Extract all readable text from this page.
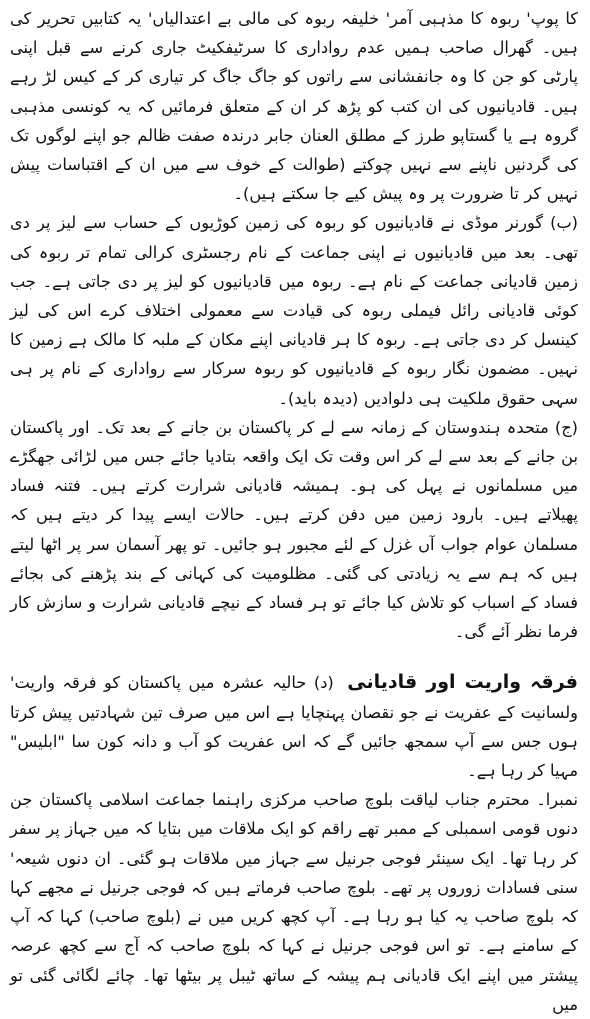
کا پوپ' ربوہ کا مذہبی آمر' خلیفہ ربوہ کی مالی بے اعتدالیاں' یہ کتابیں تحریر کی ہیں۔ گھرال صاحب ہمیں عدم رواداری کا سرٹیفکیٹ جاری کرنے سے قبل اپنی پارٹی کو جن کا وہ جانفشانی سے راتوں کو جاگ جاگ کر تیاری کر کے کیس لڑ رہے ہیں۔ قادیانیوں کی ان کتب کو پڑھ کر ان کے متعلق فرمائیں کہ یہ کونسی مذہبی گروہ ہے یا گستاپو طرز کے مطلق العنان جابر درندہ صفت ظالم جو اپنے لوگوں تک کی گردنیں ناپنے سے نہیں چوکتے (طوالت کے خوف سے میں ان کے اقتباسات پیش نہیں کر تا ضرورت پر وہ پیش کیے جا سکتے ہیں)۔

(ب) گورنر موڈی نے قادیانیوں کو ربوہ کی زمین کوڑیوں کے حساب سے لیز پر دی تھی۔ بعد میں قادیانیوں نے اپنی جماعت کے نام رجسٹری کرالی تمام تر ربوہ کی زمین قادیانی جماعت کے نام ہے۔ ربوہ میں قادیانیوں کو لیز پر دی جاتی ہے۔ جب کوئی قادیانی رائل فیملی ربوہ کی قیادت سے معمولی اختلاف کرے اس کی لیز کینسل کر دی جاتی ہے۔ ربوہ کا ہر قادیانی اپنے مکان کے ملبہ کا مالک ہے زمین کا نہیں۔ مضمون نگار ربوہ کے قادیانیوں کو ربوہ سرکار سے رواداری کے نام پر ہی سہی حقوق ملکیت ہی دلوادیں (دیدہ باید)۔

(ج) متحدہ ہندوستان کے زمانہ سے لے کر پاکستان بن جانے کے بعد تک۔ اور پاکستان بن جانے کے بعد سے لے کر اس وقت تک ایک واقعہ بتادیا جائے جس میں لڑائی جھگڑے میں مسلمانوں نے پہل کی ہو۔ ہمیشہ قادیانی شرارت کرتے ہیں۔ فتنہ فساد پھیلاتے ہیں۔ بارود زمین میں دفن کرتے ہیں۔ حالات ایسے پیدا کر دیتے ہیں کہ مسلمان عوام جواب آں غزل کے لئے مجبور ہو جائیں۔ تو پھر آسمان سر پر اٹھا لیتے ہیں کہ ہم سے یہ زیادتی کی گئی۔ مظلومیت کی کہانی کے بند پڑھنے کی بجائے فساد کے اسباب کو تلاش کیا جائے تو ہر فساد کے نیچے قادیانی شرارت و سازش کار فرما نظر آئے گی۔

فرقہ واریت اور قادیانی (د) حالیہ عشرہ میں پاکستان کو فرقہ واریت' ولسانیت کے عفریت نے جو نقصان پہنچایا ہے اس میں صرف تین شہادتیں پیش کرتا ہوں جس سے آپ سمجھ جائیں گے کہ اس عفریت کو آب و دانہ کون سا "ابلیس" مہیا کر رہا ہے۔

نمبرا۔ محترم جناب لیاقت بلوچ صاحب مرکزی راہنما جماعت اسلامی پاکستان جن دنوں قومی اسمبلی کے ممبر تھے راقم کو ایک ملاقات میں بتایا کہ میں جہاز پر سفر کر رہا تھا۔ ایک سینئر فوجی جرنیل سے جہاز میں ملاقات ہو گئی۔ ان دنوں شیعہ' سنی فسادات زوروں پر تھے۔ بلوچ صاحب فرماتے ہیں کہ فوجی جرنیل نے مجھے کہا کہ بلوچ صاحب یہ کیا ہو رہا ہے۔ آپ کچھ کریں میں نے (بلوچ صاحب) کہا کہ آپ کے سامنے ہے۔ تو اس فوجی جرنیل نے کہا کہ بلوچ صاحب کہ آج سے کچھ عرصہ پیشتر میں اپنے ایک قادیانی ہم پیشہ کے ساتھ ٹیبل پر بیٹھا تھا۔ چائے لگائی گئی تو میں
